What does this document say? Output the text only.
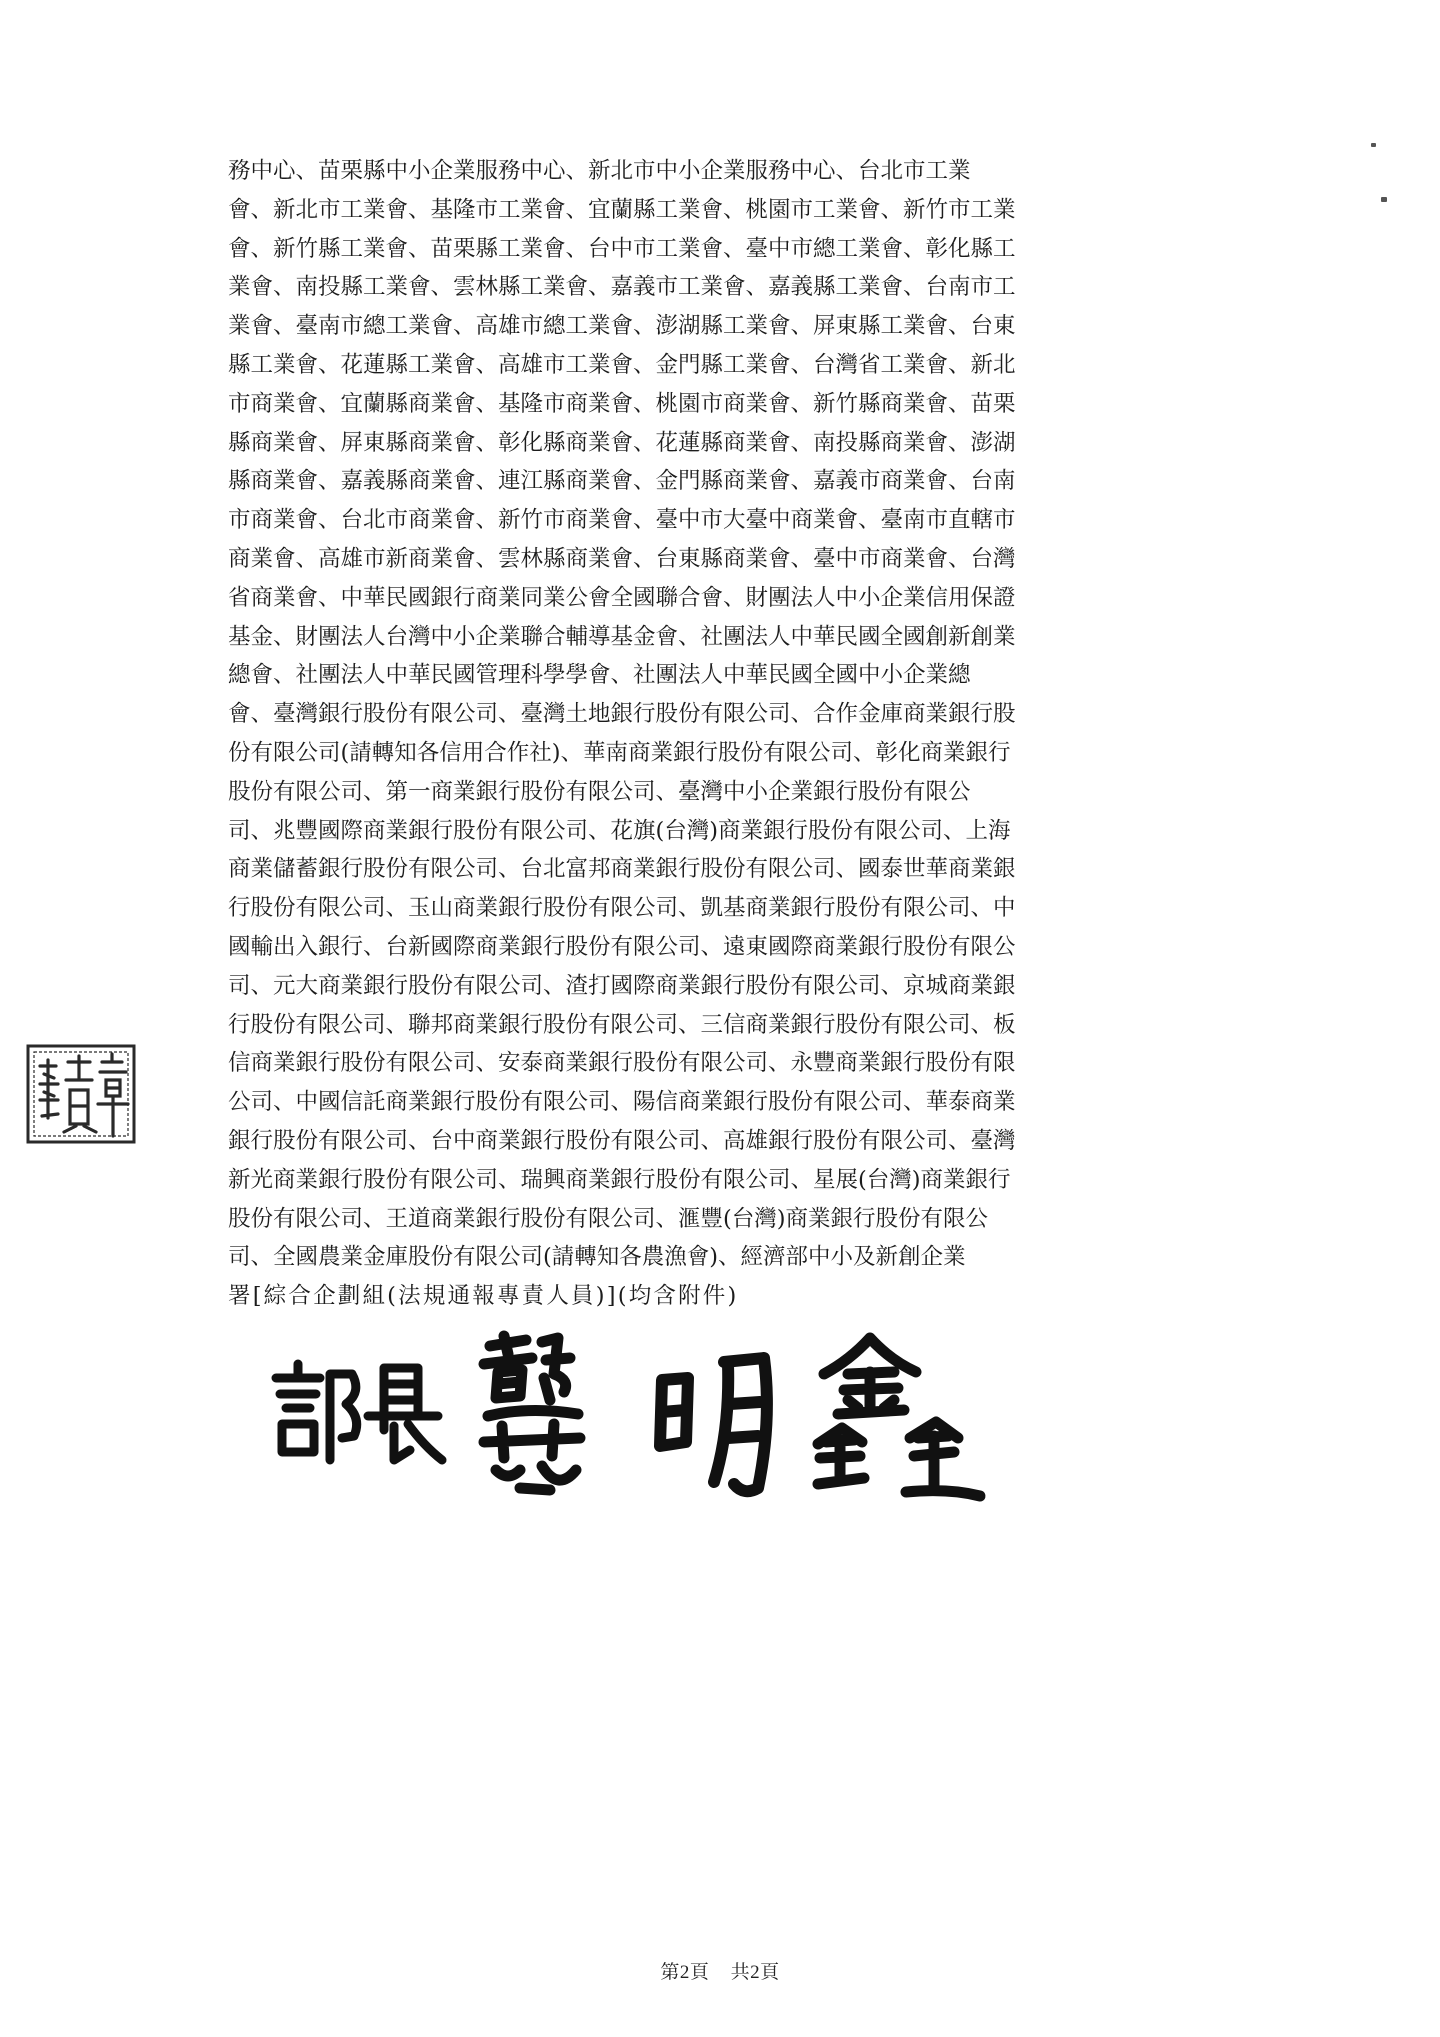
務中心、苗栗縣中小企業服務中心、新北市中小企業服務中心、台北市工業
會、新北市工業會、基隆市工業會、宜蘭縣工業會、桃園市工業會、新竹市工業
會、新竹縣工業會、苗栗縣工業會、台中市工業會、臺中市總工業會、彰化縣工
業會、南投縣工業會、雲林縣工業會、嘉義市工業會、嘉義縣工業會、台南市工
業會、臺南市總工業會、高雄市總工業會、澎湖縣工業會、屏東縣工業會、台東
縣工業會、花蓮縣工業會、高雄市工業會、金門縣工業會、台灣省工業會、新北
市商業會、宜蘭縣商業會、基隆市商業會、桃園市商業會、新竹縣商業會、苗栗
縣商業會、屏東縣商業會、彰化縣商業會、花蓮縣商業會、南投縣商業會、澎湖
縣商業會、嘉義縣商業會、連江縣商業會、金門縣商業會、嘉義市商業會、台南
市商業會、台北市商業會、新竹市商業會、臺中市大臺中商業會、臺南市直轄市
商業會、高雄市新商業會、雲林縣商業會、台東縣商業會、臺中市商業會、台灣
省商業會、中華民國銀行商業同業公會全國聯合會、財團法人中小企業信用保證
基金、財團法人台灣中小企業聯合輔導基金會、社團法人中華民國全國創新創業
總會、社團法人中華民國管理科學學會、社團法人中華民國全國中小企業總
會、臺灣銀行股份有限公司、臺灣土地銀行股份有限公司、合作金庫商業銀行股
份有限公司(請轉知各信用合作社)、華南商業銀行股份有限公司、彰化商業銀行
股份有限公司、第一商業銀行股份有限公司、臺灣中小企業銀行股份有限公
司、兆豐國際商業銀行股份有限公司、花旗(台灣)商業銀行股份有限公司、上海
商業儲蓄銀行股份有限公司、台北富邦商業銀行股份有限公司、國泰世華商業銀
行股份有限公司、玉山商業銀行股份有限公司、凱基商業銀行股份有限公司、中
國輸出入銀行、台新國際商業銀行股份有限公司、遠東國際商業銀行股份有限公
司、元大商業銀行股份有限公司、渣打國際商業銀行股份有限公司、京城商業銀
行股份有限公司、聯邦商業銀行股份有限公司、三信商業銀行股份有限公司、板
信商業銀行股份有限公司、安泰商業銀行股份有限公司、永豐商業銀行股份有限
公司、中國信託商業銀行股份有限公司、陽信商業銀行股份有限公司、華泰商業
銀行股份有限公司、台中商業銀行股份有限公司、高雄銀行股份有限公司、臺灣
新光商業銀行股份有限公司、瑞興商業銀行股份有限公司、星展(台灣)商業銀行
股份有限公司、王道商業銀行股份有限公司、滙豐(台灣)商業銀行股份有限公
司、全國農業金庫股份有限公司(請轉知各農漁會)、經濟部中小及新創企業
署[綜合企劃組(法規通報專責人員)](均含附件)
第2頁 共2頁
